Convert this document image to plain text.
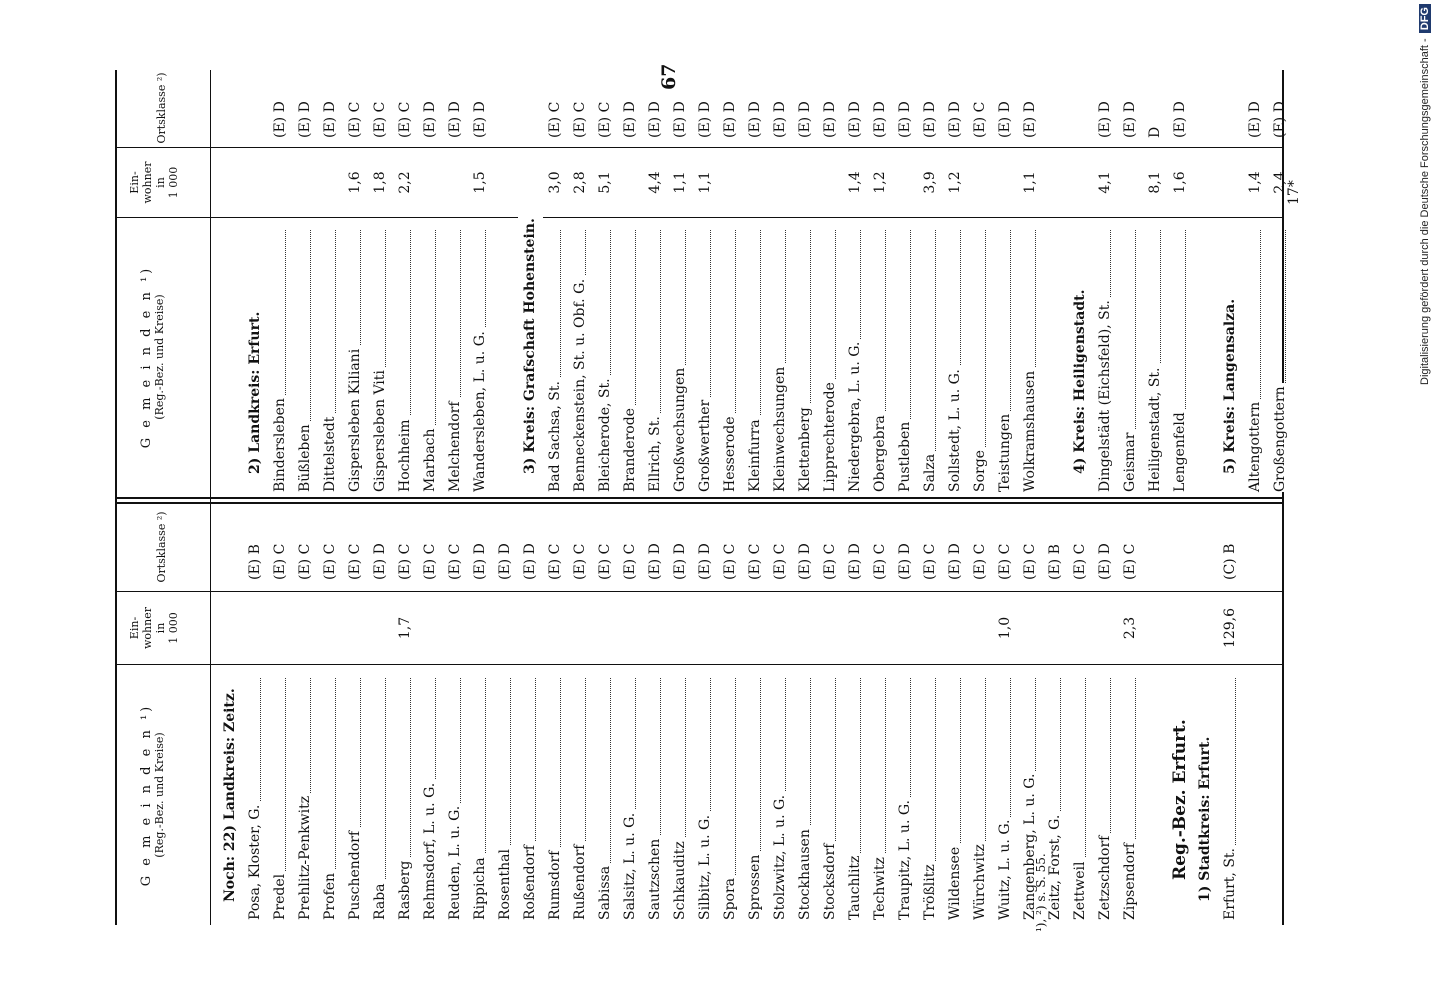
67
G e m e i n d e n ¹) (Reg.-Bez. und Kreise)
Ein- wohner in 1 000
Ortsklasse ²)
G e m e i n d e n ¹) (Reg.-Bez. und Kreise)
Ein- wohner in 1 000
Ortsklasse ²)
Noch: 22) Landkreis: Zeitz. Posa, Kloster, G.
(E) B
Predel
(E) C
Prehlitz-Penkwitz
(E) C
Profen
(E) C
Puschendorf
(E) C
Raba
(E) D
Rasberg
1,7
(E) C
Rehmsdorf, L. u. G.
(E) C
Reuden, L. u. G.
(E) C
Rippicha
(E) D
Rosenthal
(E) D
Roßendorf
(E) D
Rumsdorf
(E) C
Rußendorf
(E) C
Sabissa
(E) C
Salsitz, L. u. G.
(E) C
Sautzschen
(E) D
Schkauditz
(E) D
Silbitz, L. u. G.
(E) D
Spora
(E) C
Sprossen
(E) C
Stolzwitz, L. u. G.
(E) C
Stockhausen
(E) D
Stocksdorf
(E) C
Tauchlitz
(E) D
Techwitz
(E) C
Traupitz, L. u. G.
(E) D
Trößlitz
(E) C
Wildensee
(E) D
Würchwitz
(E) C
Wuitz, L. u. G.
1,0
(E) C
Zangenberg, L. u. G.
(E) C
Zeitz, Forst, G.
(E) B
Zettweil
(E) C
Zetzschdorf
(E) D
Zipsendorf
2,3
(E) C
Reg.-Bez. Erfurt. 1) Stadtkreis: Erfurt. Erfurt, St.
129,6
(C) B
2) Landkreis: Erfurt. Bindersleben
(E) D
Büßleben
(E) D
Dittelstedt
(E) D
Gispersleben Kiliani
1,6
(E) C
Gispersleben Viti
1,8
(E) C
Hochheim
2,2
(E) C
Marbach
(E) D
Melchendorf
(E) D
Wandersleben, L. u. G.
1,5
(E) D
3) Kreis: Grafschaft Hohenstein. Bad Sachsa, St.
3,0
(E) C
Benneckenstein, St. u. Obf. G.
2,8
(E) C
Bleicherode, St.
5,1
(E) C
Branderode
(E) D
Ellrich, St.
4,4
(E) D
Großwechsungen
1,1
(E) D
Großwerther
1,1
(E) D
Hesserode
(E) D
Kleinfurra
(E) D
Kleinwechsungen
(E) D
Klettenberg
(E) D
Lipprechterode
(E) D
Niedergebra, L. u. G.
1,4
(E) D
Obergebra
1,2
(E) D
Pustleben
(E) D
Salza
3,9
(E) D
Sollstedt, L. u. G.
1,2
(E) D
Sorge
(E) C
Teistungen
(E) D
Wolkramshausen
1,1
(E) D
4) Kreis: Heiligenstadt. Dingelstädt (Eichsfeld), St.
4,1
(E) D
Geismar
(E) D
Heiligenstadt, St.
8,1
D
Lengenfeld
1,6
(E) D
5) Kreis: Langensalza. Altengottern
1,4
(E) D
Großengottern
2,4
(E) D
¹), ²) s. S. 55.
17*	Digitalisierung gefördert durch die Deutsche Forschungsgemeinschaft - DFG
